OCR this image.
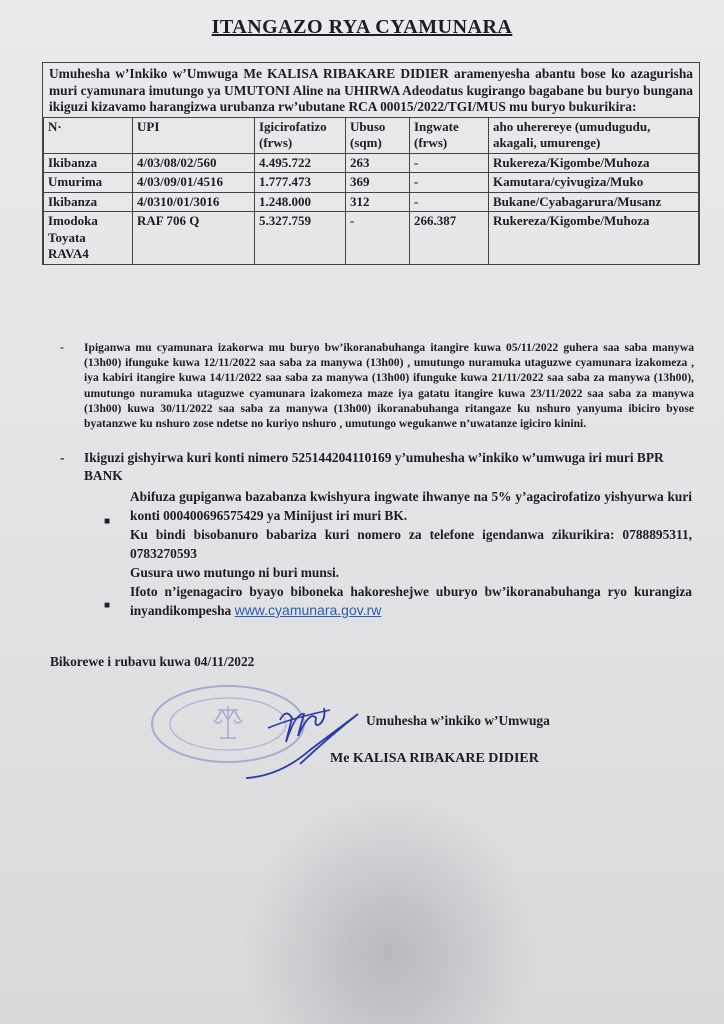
ITANGAZO RYA CYAMUNARA
Umuhesha w’Inkiko w’Umwuga Me KALISA RIBAKARE DIDIER aramenyesha abantu bose ko azagurisha muri cyamunara imutungo ya UMUTONI Aline na UHIRWA Adeodatus kugirango bagabane bu buryo bungana ikiguzi kizavamo harangizwa urubanza rw’ubutane RCA 00015/2022/TGI/MUS mu buryo bukurikira:
N·	UPI	Igicirofatizo (frws)	Ubuso (sqm)	Ingwate (frws)	aho uherereye (umudugudu, akagali, umurenge)
Ikibanza	4/03/08/02/560	4.495.722	263	-	Rukereza/Kigombe/Muhoza
Umurima	4/03/09/01/4516	1.777.473	369	-	Kamutara/cyivugiza/Muko
Ikibanza	4/0310/01/3016	1.248.000	312	-	Bukane/Cyabagarura/Musanz
Imodoka Toyata RAVA4	RAF 706 Q	5.327.759	-	266.387	Rukereza/Kigombe/Muhoza
- Ipiganwa mu cyamunara izakorwa mu buryo bw’ikoranabuhanga itangire kuwa 05/11/2022 guhera saa saba manywa (13h00) ifunguke kuwa 12/11/2022 saa saba za manywa (13h00) , umutungo nuramuka utaguzwe cyamunara izakomeza , iya kabiri itangire kuwa 14/11/2022 saa saba za manywa (13h00) ifunguke kuwa 21/11/2022 saa saba za manywa (13h00), umutungo nuramuka utaguzwe cyamunara izakomeza maze iya gatatu itangire kuwa 23/11/2022 saa saba za manywa (13h00) kuwa 30/11/2022 saa saba za manywa (13h00) ikoranabuhanga ritangaze ku nshuro yanyuma ibiciro byose byatanzwe ku nshuro zose ndetse no kuriyo nshuro , umutungo wegukanwe n’uwatanze igiciro kinini.
- Ikiguzi gishyirwa kuri konti nimero 525144204110169 y’umuhesha w’inkiko w’umwuga iri muri BPR BANK
■
■
Abifuza gupiganwa bazabanza kwishyura ingwate ihwanye na 5% y’agacirofatizo yishyurwa kuri konti 000400696575429 ya Minijust iri muri BK.
Ku bindi bisobanuro babariza kuri nomero za telefone igendanwa zikurikira: 0788895311, 0783270593
Gusura uwo mutungo ni buri munsi.
Ifoto n’igenagaciro byayo biboneka hakoreshejwe uburyo bw’ikoranabuhanga ryo kurangiza inyandikompesha www.cyamunara.gov.rw
Bikorewe i rubavu kuwa 04/11/2022
Umuhesha w’inkiko w’Umwuga
Me KALISA RIBAKARE DIDIER
